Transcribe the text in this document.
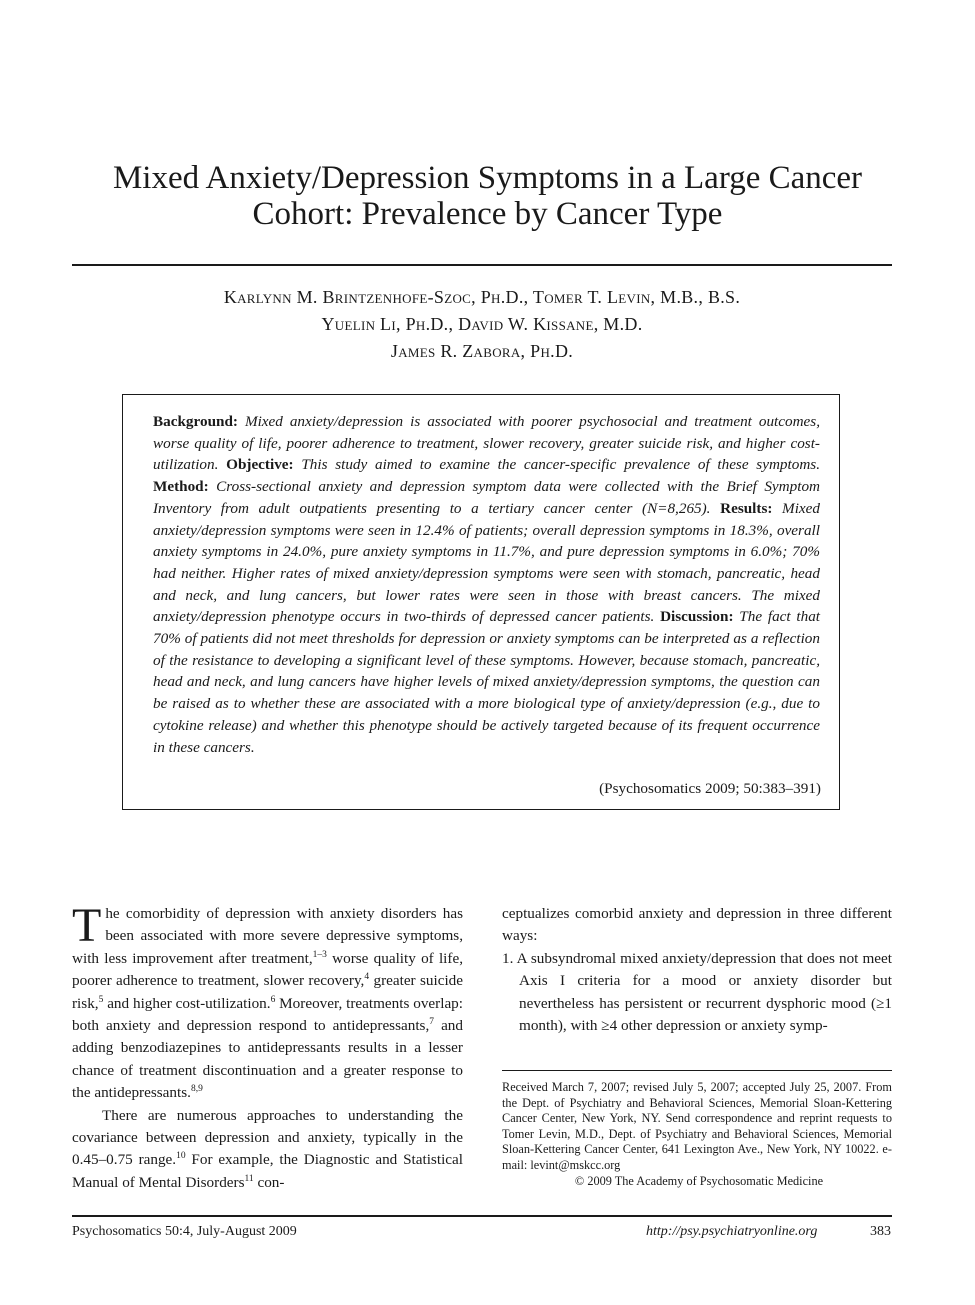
Mixed Anxiety/Depression Symptoms in a Large Cancer
Cohort: Prevalence by Cancer Type
Karlynn M. Brintzenhofe-Szoc, Ph.D., Tomer T. Levin, M.B., B.S.
Yuelin Li, Ph.D., David W. Kissane, M.D.
James R. Zabora, Ph.D.
Background: Mixed anxiety/depression is associated with poorer psychosocial and treatment outcomes, worse quality of life, poorer adherence to treatment, slower recovery, greater suicide risk, and higher cost-utilization. Objective: This study aimed to examine the cancer-specific prevalence of these symptoms. Method: Cross-sectional anxiety and depression symptom data were collected with the Brief Symptom Inventory from adult outpatients presenting to a tertiary cancer center (N=8,265). Results: Mixed anxiety/depression symptoms were seen in 12.4% of patients; overall depression symptoms in 18.3%, overall anxiety symptoms in 24.0%, pure anxiety symptoms in 11.7%, and pure depression symptoms in 6.0%; 70% had neither. Higher rates of mixed anxiety/depression symptoms were seen with stomach, pancreatic, head and neck, and lung cancers, but lower rates were seen in those with breast cancers. The mixed anxiety/depression phenotype occurs in two-thirds of depressed cancer patients. Discussion: The fact that 70% of patients did not meet thresholds for depression or anxiety symptoms can be interpreted as a reflection of the resistance to developing a significant level of these symptoms. However, because stomach, pancreatic, head and neck, and lung cancers have higher levels of mixed anxiety/depression symptoms, the question can be raised as to whether these are associated with a more biological type of anxiety/depression (e.g., due to cytokine release) and whether this phenotype should be actively targeted because of its frequent occurrence in these cancers.
(Psychosomatics 2009; 50:383–391)

The comorbidity of depression with anxiety disorders has been associated with more severe depressive symptoms, with less improvement after treatment,$^{1-3}$ worse quality of life, poorer adherence to treatment, slower recovery,$^4$ greater suicide risk,$^5$ and higher cost-utilization.$^6$ Moreover, treatments overlap: both anxiety and depression respond to antidepressants,$^7$ and adding benzodiazepines to antidepressants results in a lesser chance of treatment discontinuation and a greater response to the antidepressants.$^{8,9}$

There are numerous approaches to understanding the covariance between depression and anxiety, typically in the 0.45–0.75 range.$^{10}$ For example, the Diagnostic and Statistical Manual of Mental Disorders$^{11}$ con-

ceptualizes comorbid anxiety and depression in three different ways:

1. A subsyndromal mixed anxiety/depression that does not meet Axis I criteria for a mood or anxiety disorder but nevertheless has persistent or recurrent dysphoric mood (≥1 month), with ≥4 other depression or anxiety symp-

Received March 7, 2007; revised July 5, 2007; accepted July 25, 2007. From the Dept. of Psychiatry and Behavioral Sciences, Memorial Sloan-Kettering Cancer Center, New York, NY. Send correspondence and reprint requests to Tomer Levin, M.D., Dept. of Psychiatry and Behavioral Sciences, Memorial Sloan-Kettering Cancer Center, 641 Lexington Ave., New York, NY 10022. e-mail: levint@mskcc.org

© 2009 The Academy of Psychosomatic Medicine

Psychosomatics 50:4, July-August 2009	http://psy.psychiatryonline.org	383
